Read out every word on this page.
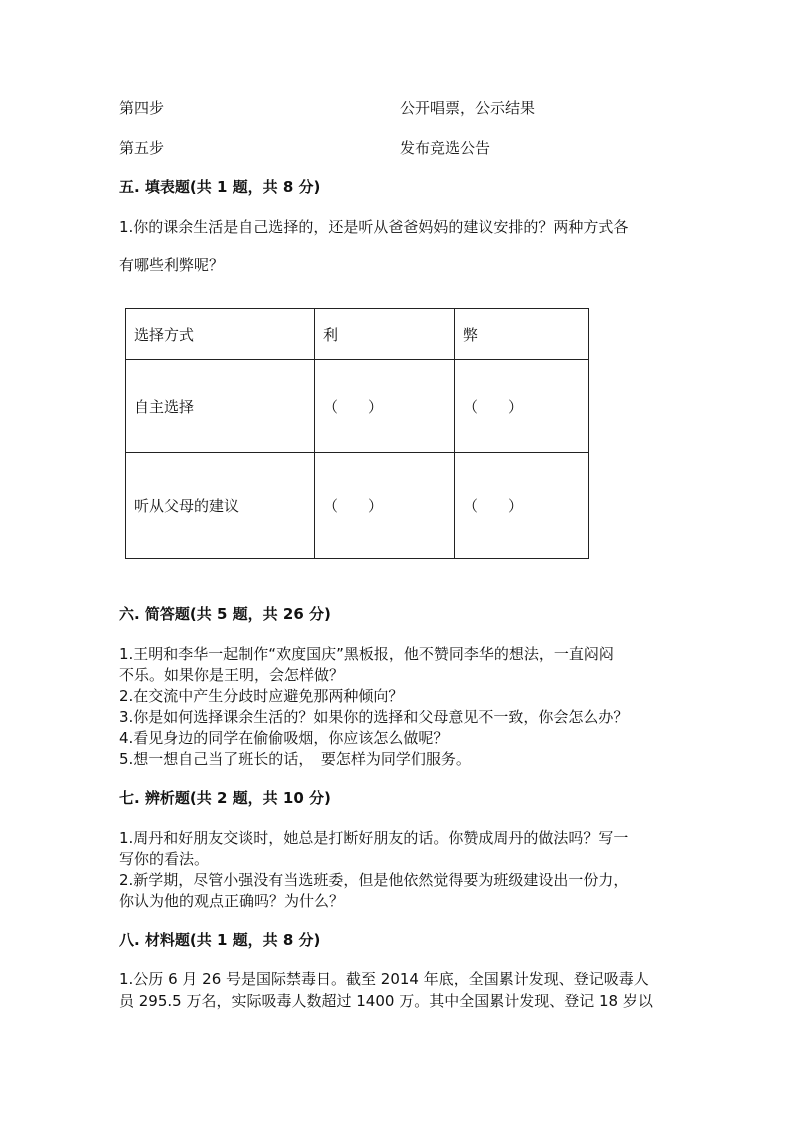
第四步	公开唱票，公示结果
第五步	发布竞选公告
五. 填表题(共 1 题，共 8 分)
1.你的课余生活是自己选择的，还是听从爸爸妈妈的建议安排的？两种方式各
有哪些利弊呢？
选择方式	利	弊
自主选择	（　　）	（　　）
听从父母的建议	（　　）	（　　）
六. 简答题(共 5 题，共 26 分)
1.王明和李华一起制作“欢度国庆”黑板报，他不赞同李华的想法，一直闷闷
不乐。如果你是王明，会怎样做？
2.在交流中产生分歧时应避免那两种倾向？
3.你是如何选择课余生活的？如果你的选择和父母意见不一致，你会怎么办？
4.看见身边的同学在偷偷吸烟，你应该怎么做呢？
5.想一想自己当了班长的话，　要怎样为同学们服务。
七. 辨析题(共 2 题，共 10 分)
1.周丹和好朋友交谈时，她总是打断好朋友的话。你赞成周丹的做法吗？写一
写你的看法。
2.新学期，尽管小强没有当选班委，但是他依然觉得要为班级建设出一份力，
你认为他的观点正确吗？为什么？
八. 材料题(共 1 题，共 8 分)
1.公历 6 月 26 号是国际禁毒日。截至 2014 年底，全国累计发现、登记吸毒人
员 295.5 万名，实际吸毒人数超过 1400 万。其中全国累计发现、登记 18 岁以
